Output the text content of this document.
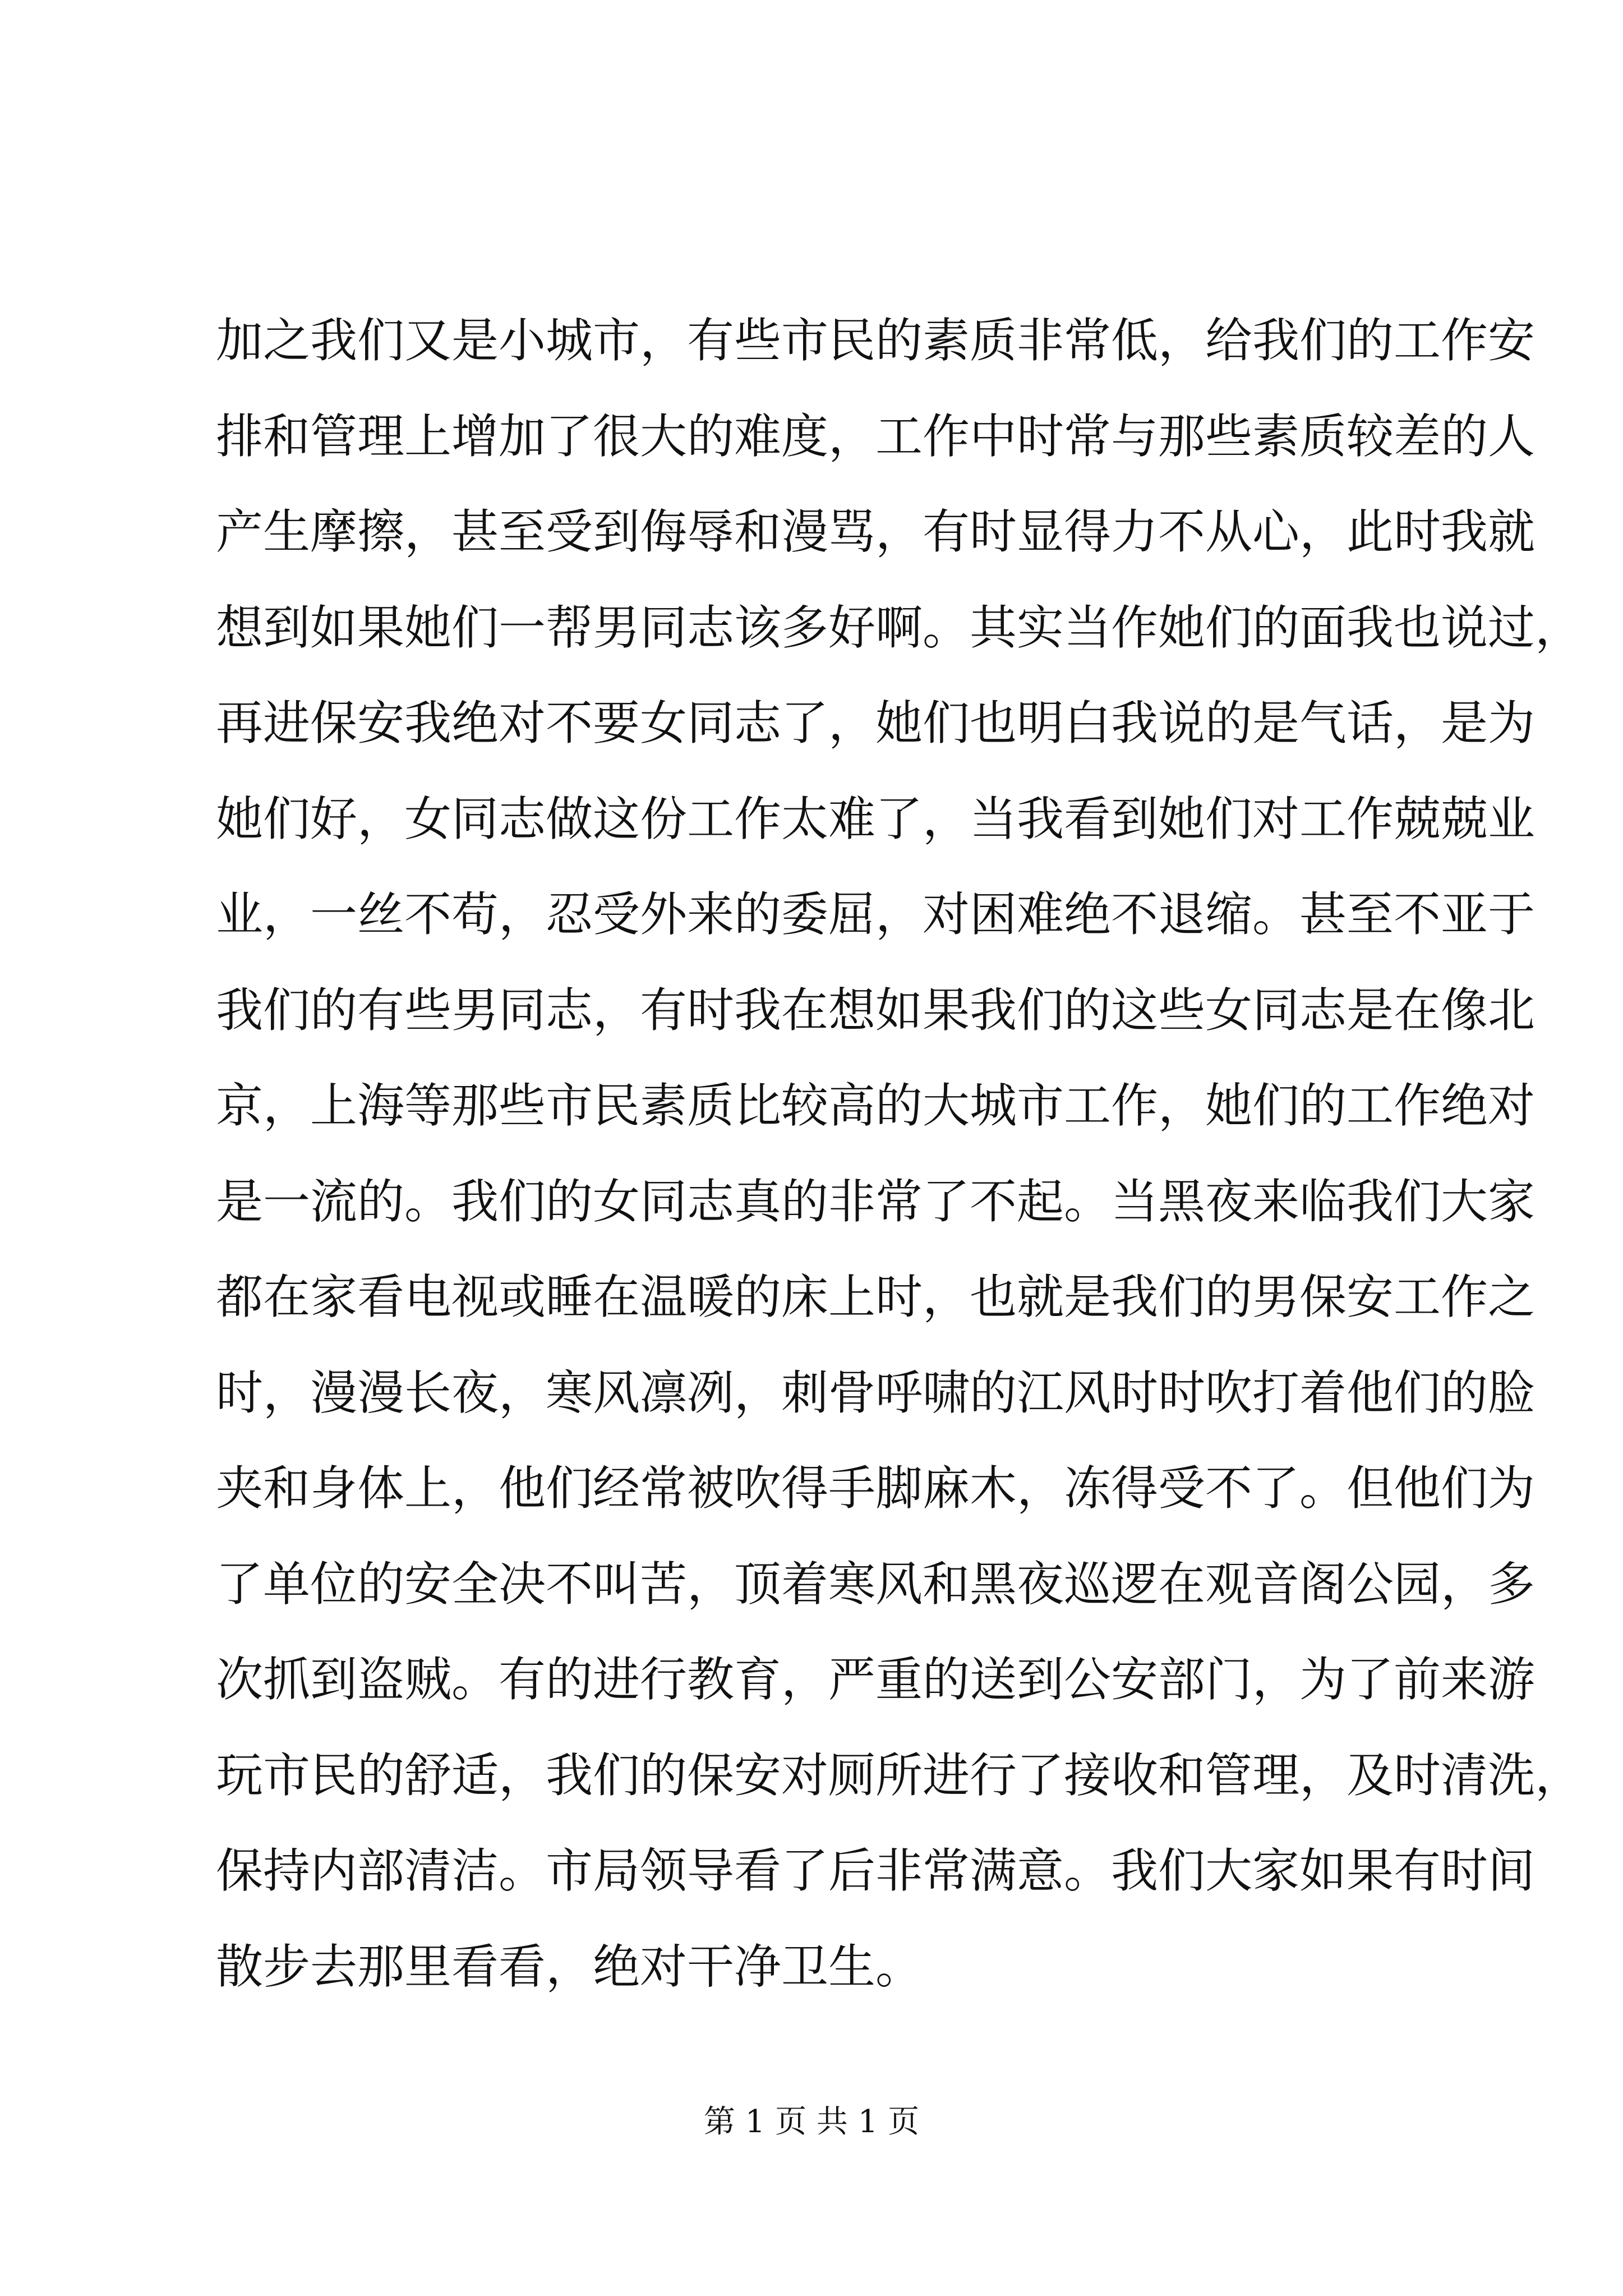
加之我们又是小城市，有些市民的素质非常低，给我们的工作安
排和管理上增加了很大的难度，工作中时常与那些素质较差的人
产生摩擦，甚至受到侮辱和漫骂，有时显得力不从心，此时我就
想到如果她们一帮男同志该多好啊。其实当作她们的面我也说过，
再进保安我绝对不要女同志了，她们也明白我说的是气话，是为
她们好，女同志做这份工作太难了，当我看到她们对工作兢兢业
业，一丝不苟，忍受外来的委屈，对困难绝不退缩。甚至不亚于
我们的有些男同志，有时我在想如果我们的这些女同志是在像北
京，上海等那些市民素质比较高的大城市工作，她们的工作绝对
是一流的。我们的女同志真的非常了不起。当黑夜来临我们大家
都在家看电视或睡在温暖的床上时，也就是我们的男保安工作之
时，漫漫长夜，寒风凛冽，刺骨呼啸的江风时时吹打着他们的脸
夹和身体上，他们经常被吹得手脚麻木，冻得受不了。但他们为
了单位的安全决不叫苦，顶着寒风和黑夜巡逻在观音阁公园，多
次抓到盗贼。有的进行教育，严重的送到公安部门，为了前来游
玩市民的舒适，我们的保安对厕所进行了接收和管理，及时清洗，
保持内部清洁。市局领导看了后非常满意。我们大家如果有时间
散步去那里看看，绝对干净卫生。
第 1 页 共 1 页
